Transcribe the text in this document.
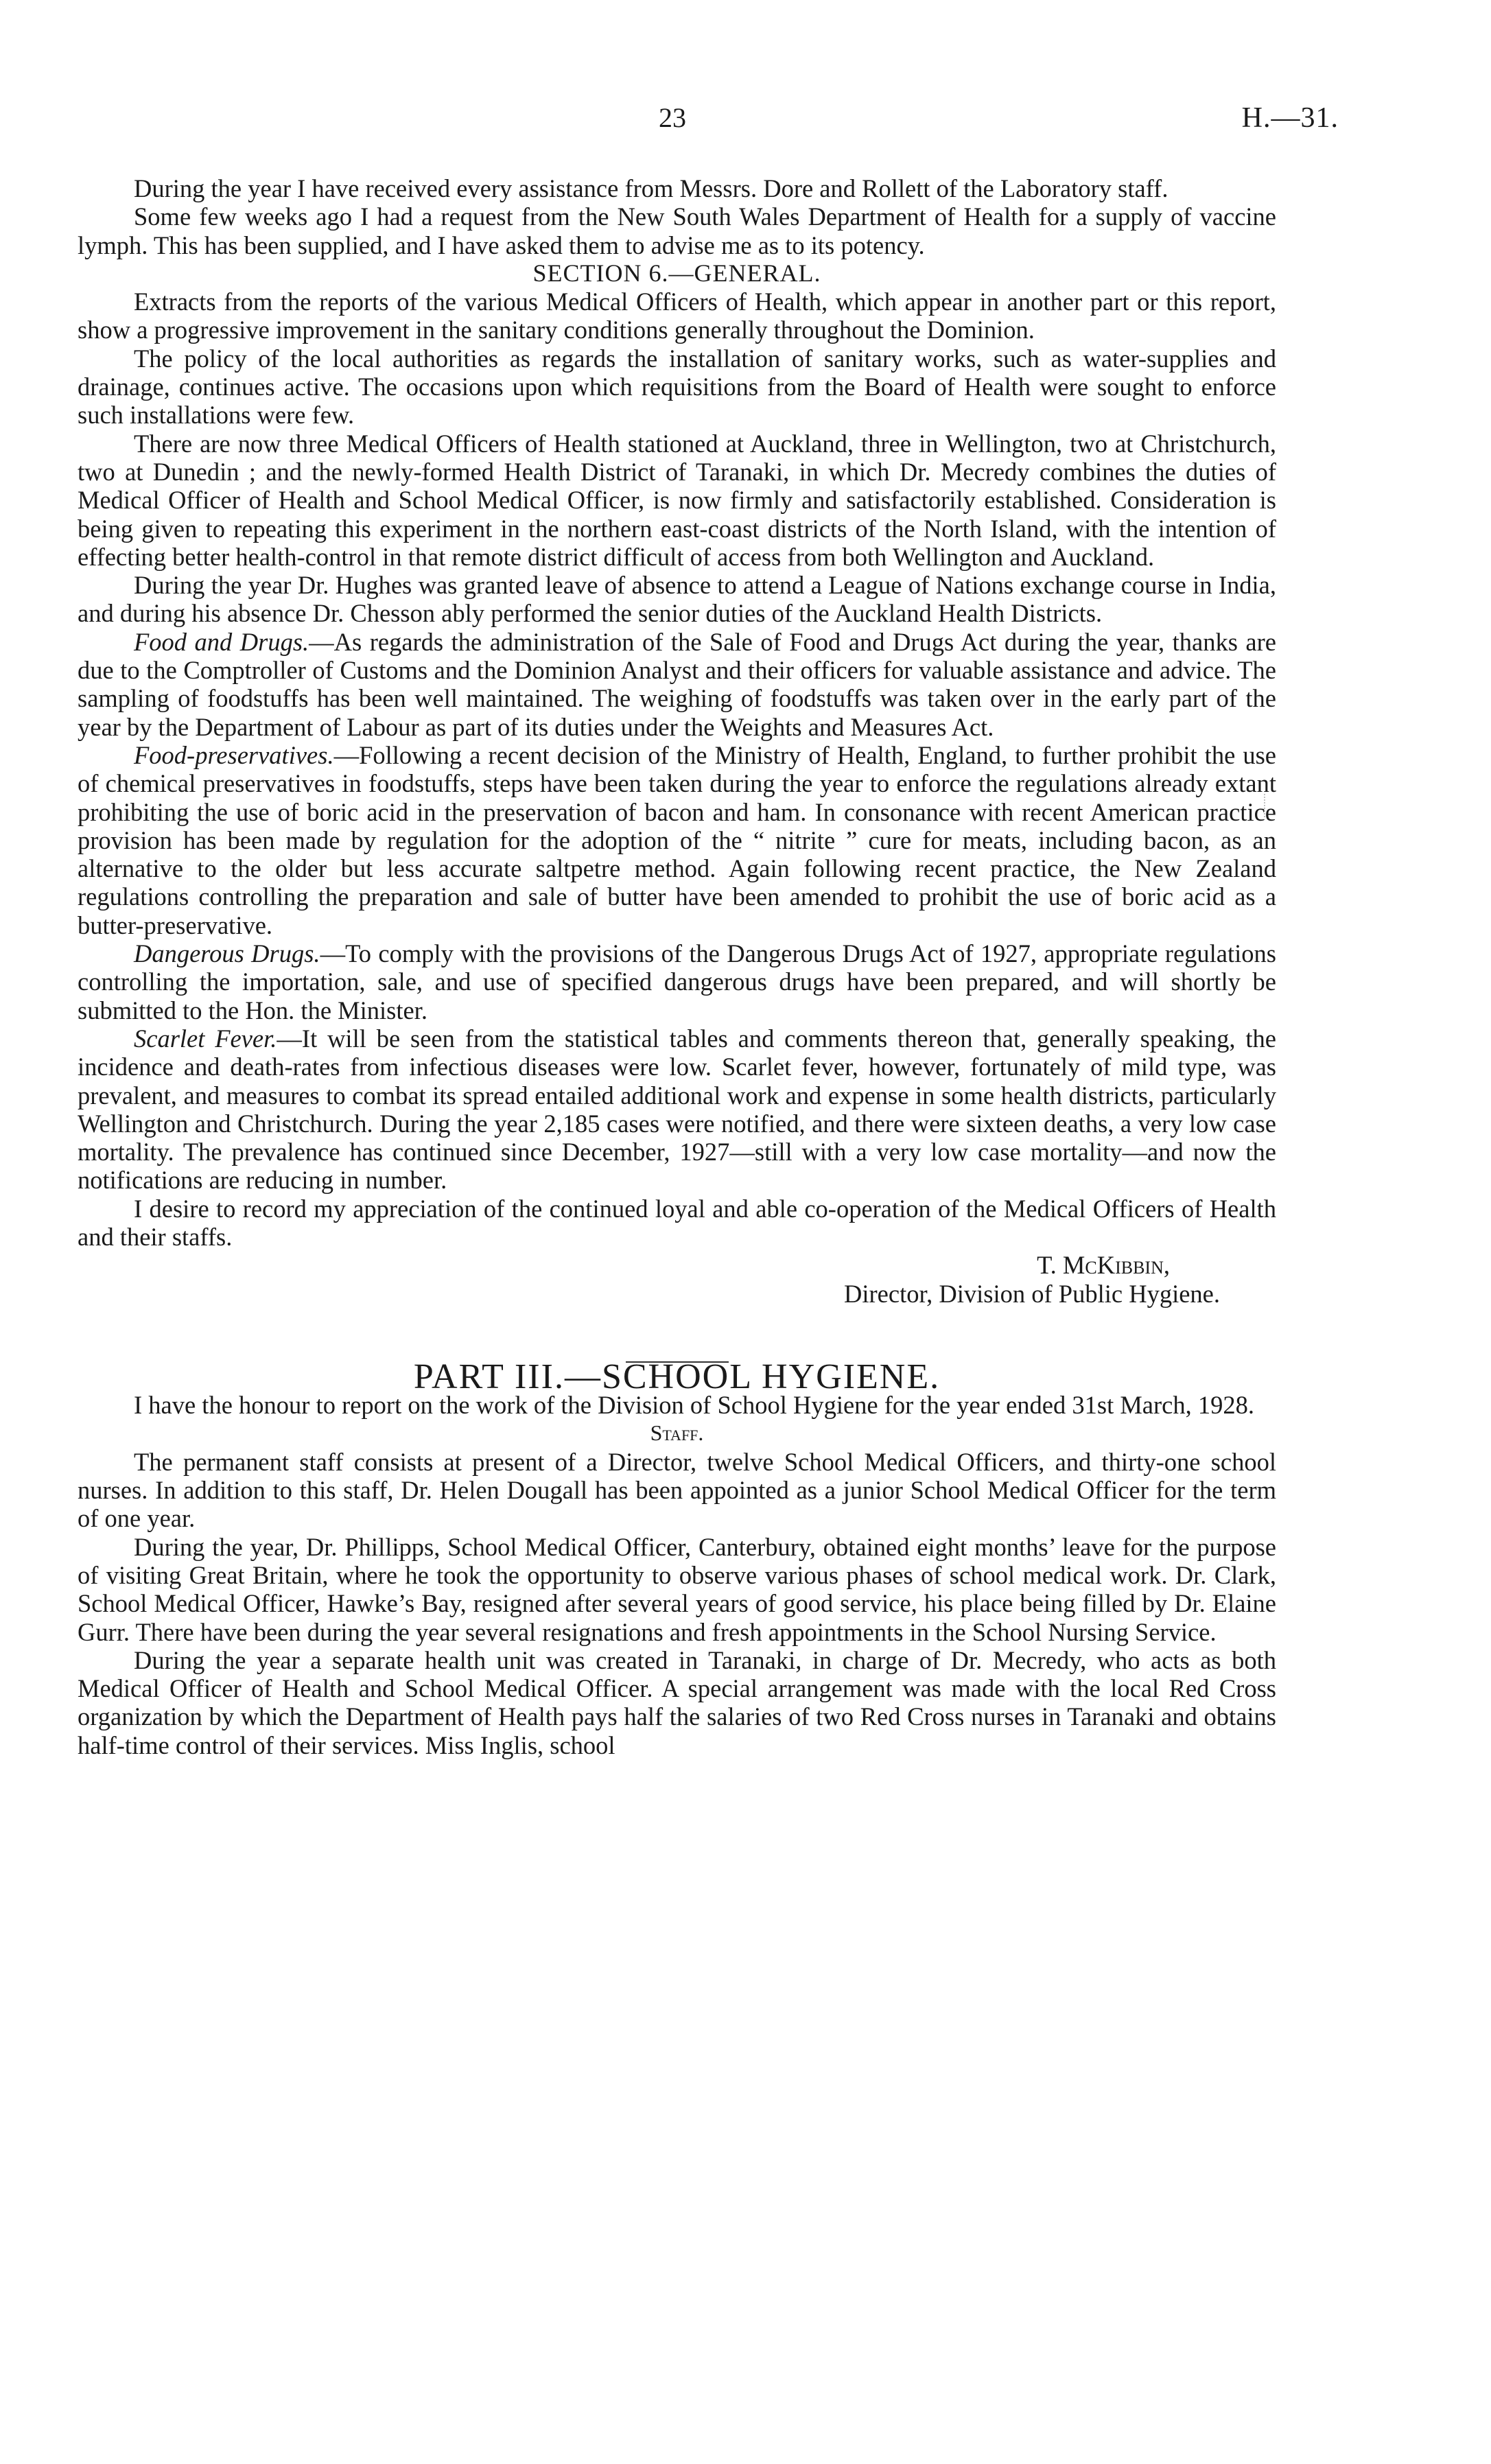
23	H.—31.

During the year I have received every assistance from Messrs. Dore and Rollett of the Laboratory staff.

Some few weeks ago I had a request from the New South Wales Department of Health for a supply of vaccine lymph. This has been supplied, and I have asked them to advise me as to its potency.

SECTION 6.—GENERAL.

Extracts from the reports of the various Medical Officers of Health, which appear in another part or this report, show a progressive improvement in the sanitary conditions generally throughout the Dominion.

The policy of the local authorities as regards the installation of sanitary works, such as water-supplies and drainage, continues active. The occasions upon which requisitions from the Board of Health were sought to enforce such installations were few.

There are now three Medical Officers of Health stationed at Auckland, three in Wellington, two at Christchurch, two at Dunedin ; and the newly-formed Health District of Taranaki, in which Dr. Mecredy combines the duties of Medical Officer of Health and School Medical Officer, is now firmly and satisfactorily established. Consideration is being given to repeating this experiment in the northern east-coast districts of the North Island, with the intention of effecting better health-control in that remote district difficult of access from both Wellington and Auckland.

During the year Dr. Hughes was granted leave of absence to attend a League of Nations exchange course in India, and during his absence Dr. Chesson ably performed the senior duties of the Auckland Health Districts.

Food and Drugs.—As regards the administration of the Sale of Food and Drugs Act during the year, thanks are due to the Comptroller of Customs and the Dominion Analyst and their officers for valuable assistance and advice. The sampling of foodstuffs has been well maintained. The weighing of foodstuffs was taken over in the early part of the year by the Department of Labour as part of its duties under the Weights and Measures Act.

Food-preservatives.—Following a recent decision of the Ministry of Health, England, to further prohibit the use of chemical preservatives in foodstuffs, steps have been taken during the year to enforce the regulations already extant prohibiting the use of boric acid in the preservation of bacon and ham. In consonance with recent American practice provision has been made by regulation for the adoption of the “ nitrite ” cure for meats, including bacon, as an alternative to the older but less accurate saltpetre method. Again following recent practice, the New Zealand regulations controlling the preparation and sale of butter have been amended to prohibit the use of boric acid as a butter-preservative.

Dangerous Drugs.—To comply with the provisions of the Dangerous Drugs Act of 1927, appropriate regulations controlling the importation, sale, and use of specified dangerous drugs have been prepared, and will shortly be submitted to the Hon. the Minister.

Scarlet Fever.—It will be seen from the statistical tables and comments thereon that, generally speaking, the incidence and death-rates from infectious diseases were low. Scarlet fever, however, fortunately of mild type, was prevalent, and measures to combat its spread entailed additional work and expense in some health districts, particularly Wellington and Christchurch. During the year 2,185 cases were notified, and there were sixteen deaths, a very low case mortality. The prevalence has continued since December, 1927—still with a very low case mortality—and now the notifications are reducing in number.

I desire to record my appreciation of the continued loyal and able co-operation of the Medical Officers of Health and their staffs.

T. McKibbin,
Director, Division of Public Hygiene.

PART III.—SCHOOL HYGIENE.

I have the honour to report on the work of the Division of School Hygiene for the year ended 31st March, 1928.

Staff.

The permanent staff consists at present of a Director, twelve School Medical Officers, and thirty-one school nurses. In addition to this staff, Dr. Helen Dougall has been appointed as a junior School Medical Officer for the term of one year.

During the year, Dr. Phillipps, School Medical Officer, Canterbury, obtained eight months’ leave for the purpose of visiting Great Britain, where he took the opportunity to observe various phases of school medical work. Dr. Clark, School Medical Officer, Hawke’s Bay, resigned after several years of good service, his place being filled by Dr. Elaine Gurr. There have been during the year several resignations and fresh appointments in the School Nursing Service.

During the year a separate health unit was created in Taranaki, in charge of Dr. Mecredy, who acts as both Medical Officer of Health and School Medical Officer. A special arrangement was made with the local Red Cross organization by which the Department of Health pays half the salaries of two Red Cross nurses in Taranaki and obtains half-time control of their services. Miss Inglis, school
